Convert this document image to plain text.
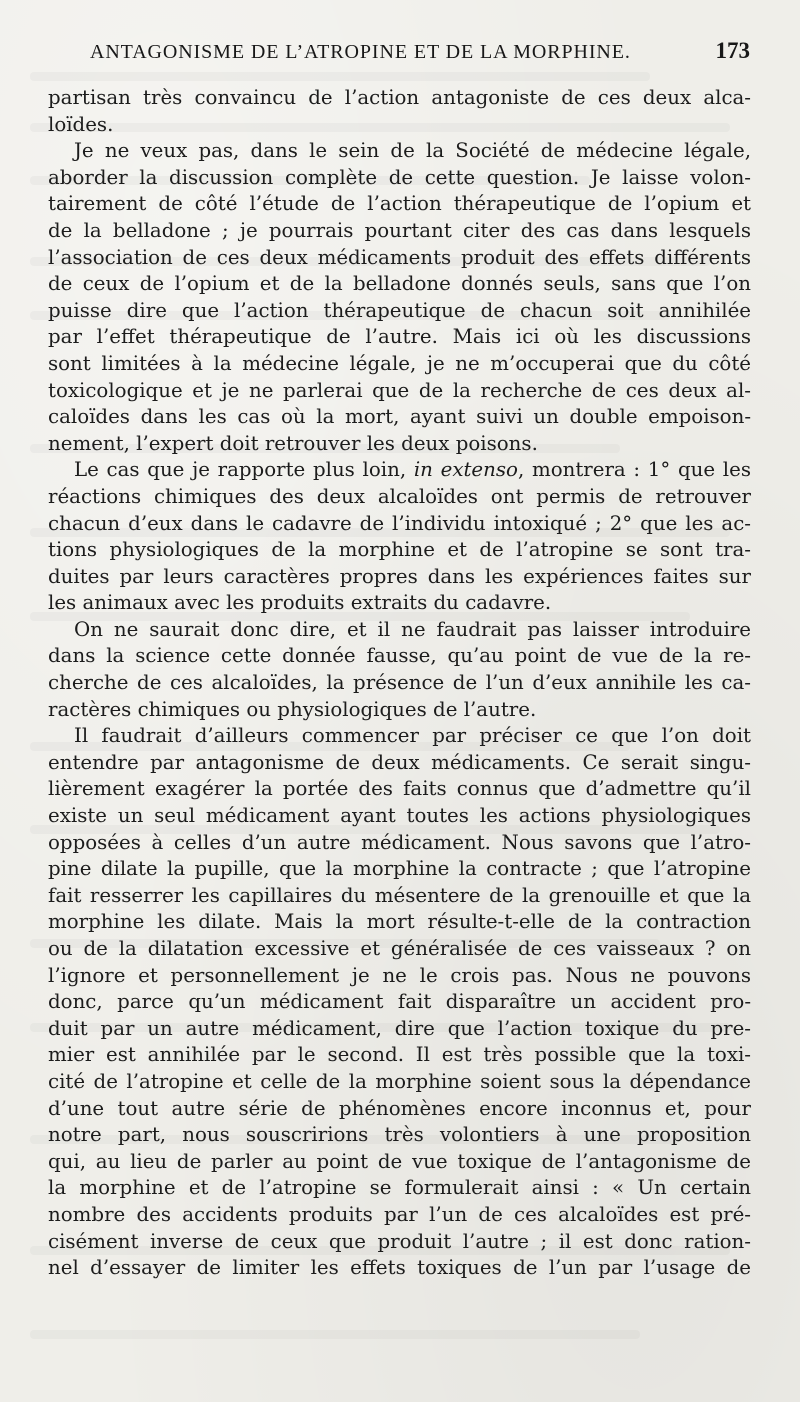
ANTAGONISME DE L’ATROPINE ET DE LA MORPHINE.	173

partisan très convaincu de l’action antagoniste de ces deux alca-
loïdes.

Je ne veux pas, dans le sein de la Société de médecine légale,
aborder la discussion complète de cette question. Je laisse volon-
tairement de côté l’étude de l’action thérapeutique de l’opium et
de la belladone ; je pourrais pourtant citer des cas dans lesquels
l’association de ces deux médicaments produit des effets différents
de ceux de l’opium et de la belladone donnés seuls, sans que l’on
puisse dire que l’action thérapeutique de chacun soit annihilée
par l’effet thérapeutique de l’autre. Mais ici où les discussions
sont limitées à la médecine légale, je ne m’occuperai que du côté
toxicologique et je ne parlerai que de la recherche de ces deux al-
caloïdes dans les cas où la mort, ayant suivi un double empoison-
nement, l’expert doit retrouver les deux poisons.

Le cas que je rapporte plus loin, in extenso, montrera : 1° que les
réactions chimiques des deux alcaloïdes ont permis de retrouver
chacun d’eux dans le cadavre de l’individu intoxiqué ; 2° que les ac-
tions physiologiques de la morphine et de l’atropine se sont tra-
duites par leurs caractères propres dans les expériences faites sur
les animaux avec les produits extraits du cadavre.

On ne saurait donc dire, et il ne faudrait pas laisser introduire
dans la science cette donnée fausse, qu’au point de vue de la re-
cherche de ces alcaloïdes, la présence de l’un d’eux annihile les ca-
ractères chimiques ou physiologiques de l’autre.

Il faudrait d’ailleurs commencer par préciser ce que l’on doit
entendre par antagonisme de deux médicaments. Ce serait singu-
lièrement exagérer la portée des faits connus que d’admettre qu’il
existe un seul médicament ayant toutes les actions physiologiques
opposées à celles d’un autre médicament. Nous savons que l’atro-
pine dilate la pupille, que la morphine la contracte ; que l’atropine
fait resserrer les capillaires du mésentere de la grenouille et que la
morphine les dilate. Mais la mort résulte-t-elle de la contraction
ou de la dilatation excessive et généralisée de ces vaisseaux ? on
l’ignore et personnellement je ne le crois pas. Nous ne pouvons
donc, parce qu’un médicament fait disparaître un accident pro-
duit par un autre médicament, dire que l’action toxique du pre-
mier est annihilée par le second. Il est très possible que la toxi-
cité de l’atropine et celle de la morphine soient sous la dépendance
d’une tout autre série de phénomènes encore inconnus et, pour
notre part, nous souscririons très volontiers à une proposition
qui, au lieu de parler au point de vue toxique de l’antagonisme de
la morphine et de l’atropine se formulerait ainsi : « Un certain
nombre des accidents produits par l’un de ces alcaloïdes est pré-
cisément inverse de ceux que produit l’autre ; il est donc ration-
nel d’essayer de limiter les effets toxiques de l’un par l’usage de
